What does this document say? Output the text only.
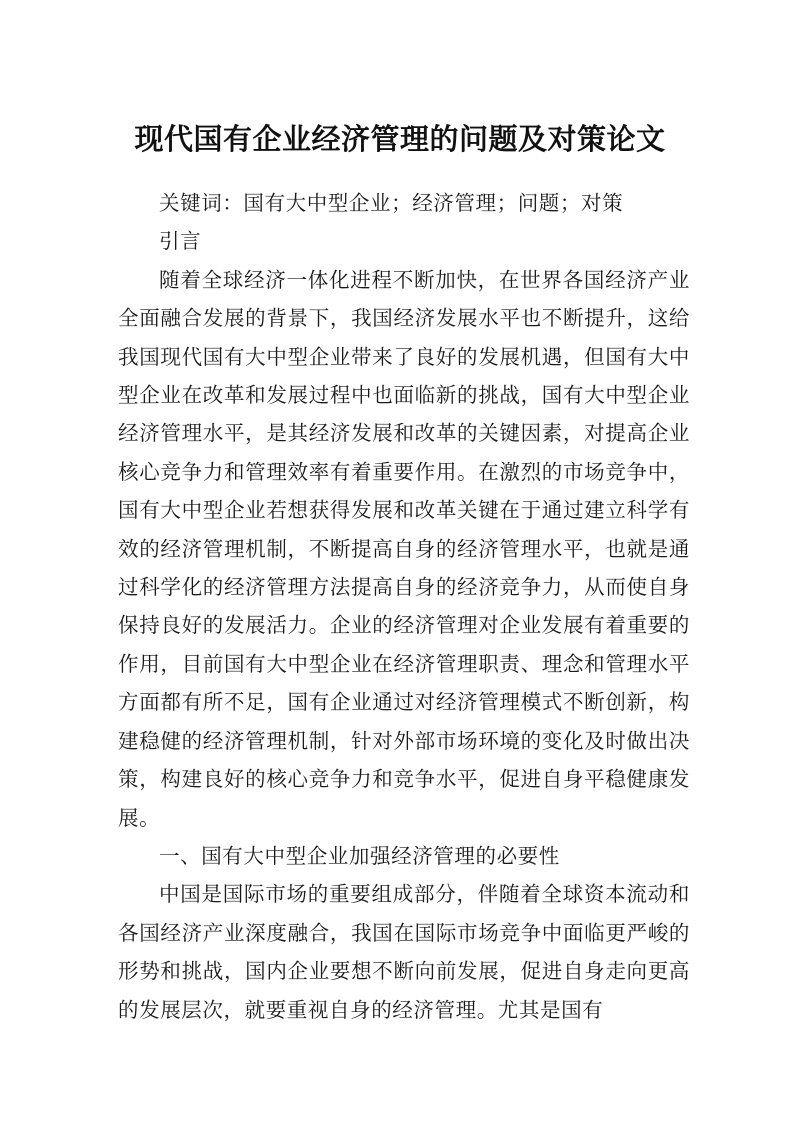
现代国有企业经济管理的问题及对策论文

关键词：国有大中型企业；经济管理；问题；对策

引言

随着全球经济一体化进程不断加快，在世界各国经济产业全面融合发展的背景下，我国经济发展水平也不断提升，这给我国现代国有大中型企业带来了良好的发展机遇，但国有大中型企业在改革和发展过程中也面临新的挑战，国有大中型企业经济管理水平，是其经济发展和改革的关键因素，对提高企业核心竞争力和管理效率有着重要作用。在激烈的市场竞争中，国有大中型企业若想获得发展和改革关键在于通过建立科学有效的经济管理机制，不断提高自身的经济管理水平，也就是通过科学化的经济管理方法提高自身的经济竞争力，从而使自身保持良好的发展活力。企业的经济管理对企业发展有着重要的作用，目前国有大中型企业在经济管理职责、理念和管理水平方面都有所不足，国有企业通过对经济管理模式不断创新，构建稳健的经济管理机制，针对外部市场环境的变化及时做出决策，构建良好的核心竞争力和竞争水平，促进自身平稳健康发展。

一、国有大中型企业加强经济管理的必要性

中国是国际市场的重要组成部分，伴随着全球资本流动和各国经济产业深度融合，我国在国际市场竞争中面临更严峻的形势和挑战，国内企业要想不断向前发展，促进自身走向更高的发展层次，就要重视自身的经济管理。尤其是国有
